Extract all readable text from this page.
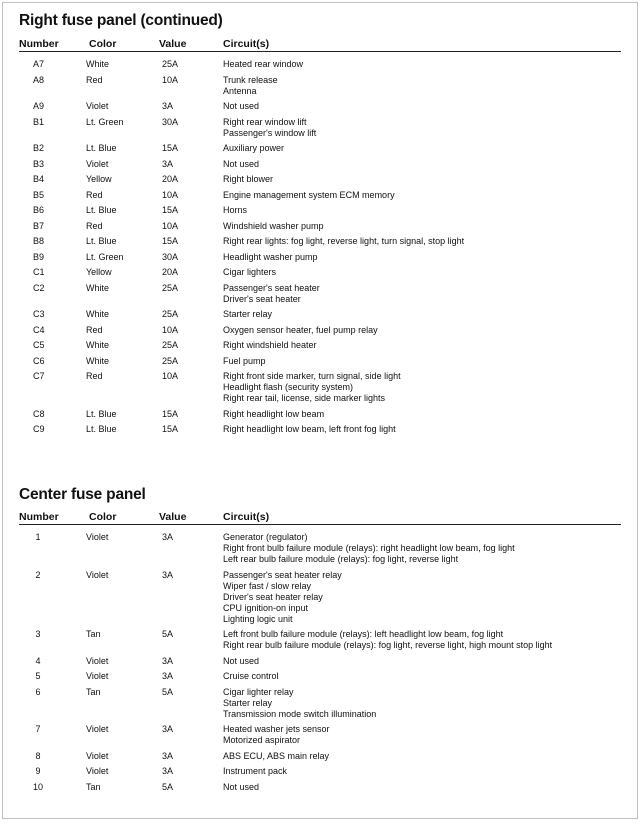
Right fuse panel (continued)
Number	Color	Value	Circuit(s)
A7	White	25A	Heated rear window
A8	Red	10A	Trunk release
Antenna
A9	Violet	3A	Not used
B1	Lt. Green	30A	Right rear window lift
Passenger's window lift
B2	Lt. Blue	15A	Auxiliary power
B3	Violet	3A	Not used
B4	Yellow	20A	Right blower
B5	Red	10A	Engine management system ECM memory
B6	Lt. Blue	15A	Horns
B7	Red	10A	Windshield washer pump
B8	Lt. Blue	15A	Right rear lights: fog light, reverse light, turn signal, stop light
B9	Lt. Green	30A	Headlight washer pump
C1	Yellow	20A	Cigar lighters
C2	White	25A	Passenger's seat heater
Driver's seat heater
C3	White	25A	Starter relay
C4	Red	10A	Oxygen sensor heater, fuel pump relay
C5	White	25A	Right windshield heater
C6	White	25A	Fuel pump
C7	Red	10A	Right front side marker, turn signal, side light
Headlight flash (security system)
Right rear tail, license, side marker lights
C8	Lt. Blue	15A	Right headlight low beam
C9	Lt. Blue	15A	Right headlight low beam, left front fog light
Center fuse panel
Number	Color	Value	Circuit(s)
1	Violet	3A	Generator (regulator)
Right front bulb failure module (relays): right headlight low beam, fog light
Left rear bulb failure module (relays): fog light, reverse light
2	Violet	3A	Passenger's seat heater relay
Wiper fast / slow relay
Driver's seat heater relay
CPU ignition-on input
Lighting logic unit
3	Tan	5A	Left front bulb failure module (relays): left headlight low beam, fog light
Right rear bulb failure module (relays): fog light, reverse light, high mount stop light
4	Violet	3A	Not used
5	Violet	3A	Cruise control
6	Tan	5A	Cigar lighter relay
Starter relay
Transmission mode switch illumination
7	Violet	3A	Heated washer jets sensor
Motorized aspirator
8	Violet	3A	ABS ECU, ABS main relay
9	Violet	3A	Instrument pack
10	Tan	5A	Not used
